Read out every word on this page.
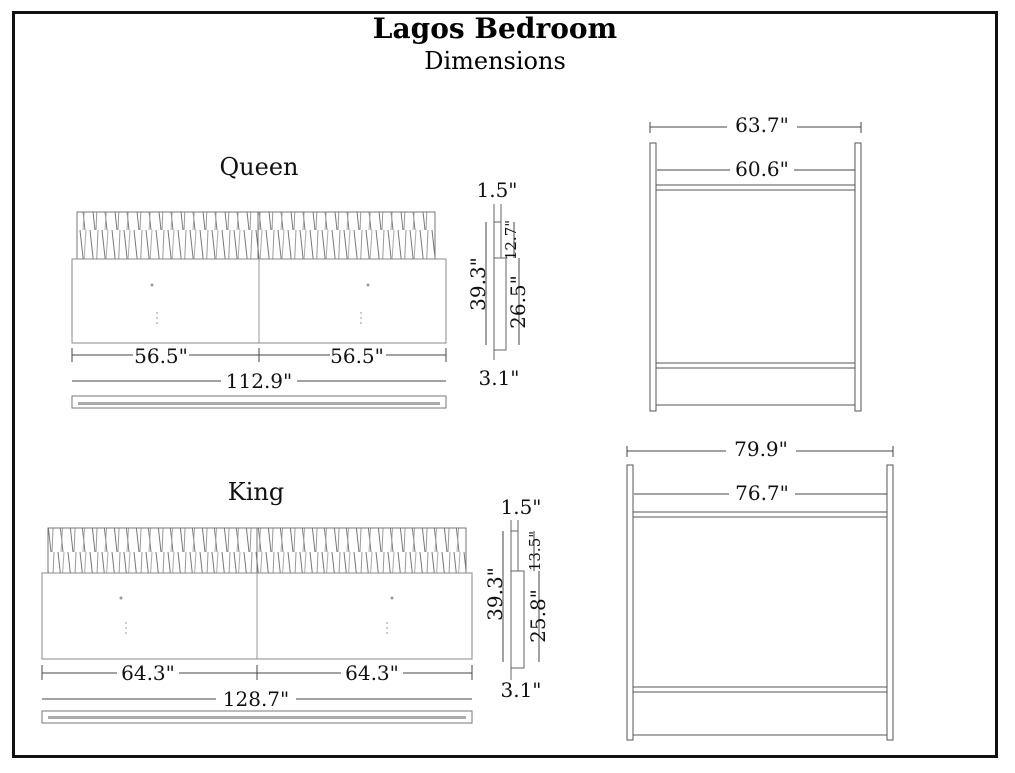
Lagos Bedroom
Dimensions
Queen
56.5"	56.5"
112.9"
1.5"
12.7"
39.3" 26.5"
3.1"
63.7"
60.6"
King
64.3"	64.3"
128.7"
1.5"
13.5"
39.3" 25.8"
3.1"
79.9"
76.7"
